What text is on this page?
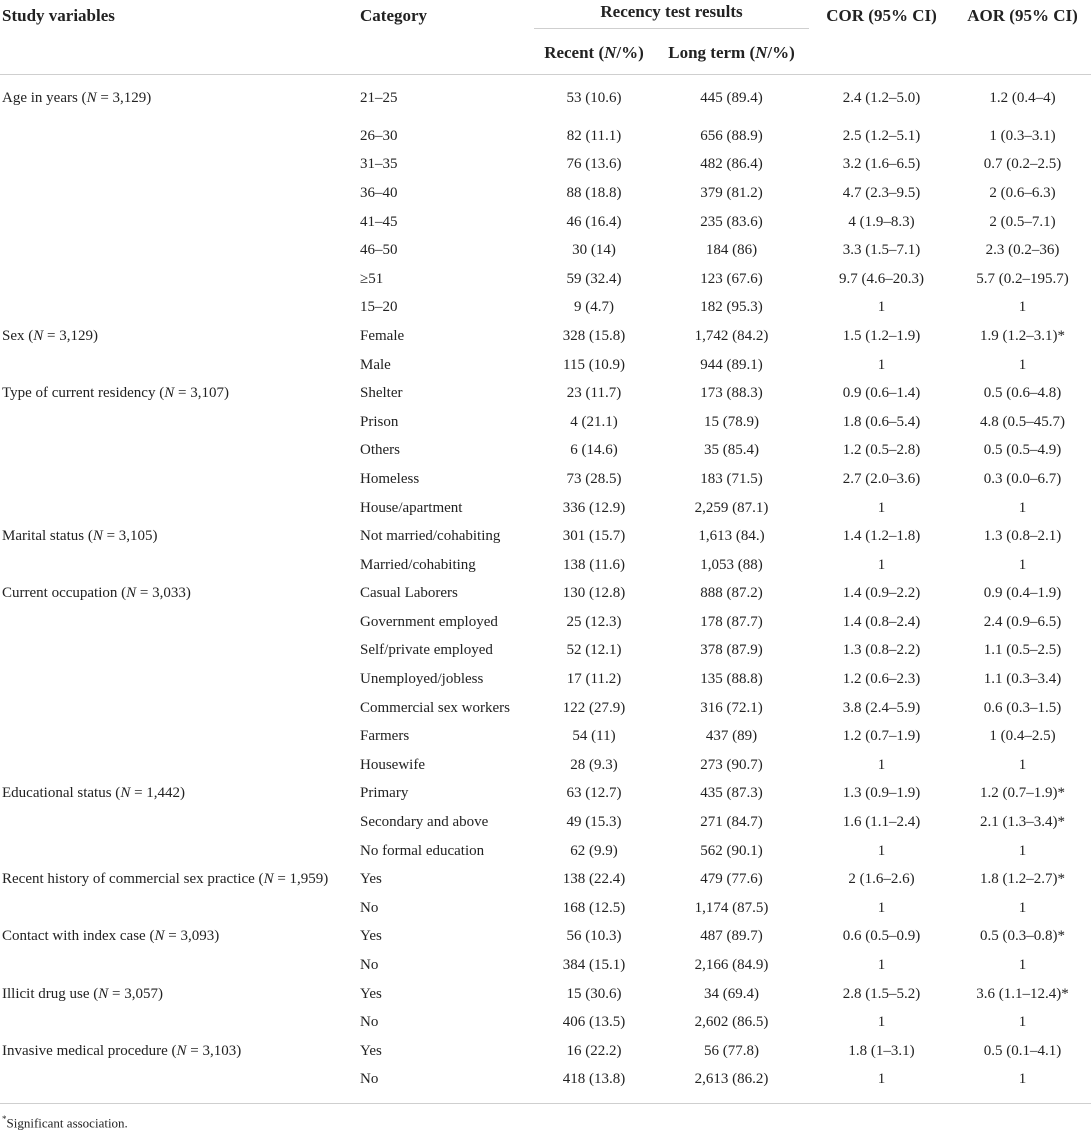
Study variables	Category	Recency test results		COR (95% CI)	AOR (95% CI)
		Recent (N/%)	Long term (N/%)		
Age in years (N = 3,129)	21–25	53 (10.6)	445 (89.4)	2.4 (1.2–5.0)	1.2 (0.4–4)
	26–30	82 (11.1)	656 (88.9)	2.5 (1.2–5.1)	1 (0.3–3.1)
	31–35	76 (13.6)	482 (86.4)	3.2 (1.6–6.5)	0.7 (0.2–2.5)
	36–40	88 (18.8)	379 (81.2)	4.7 (2.3–9.5)	2 (0.6–6.3)
	41–45	46 (16.4)	235 (83.6)	4 (1.9–8.3)	2 (0.5–7.1)
	46–50	30 (14)	184 (86)	3.3 (1.5–7.1)	2.3 (0.2–36)
	≥51	59 (32.4)	123 (67.6)	9.7 (4.6–20.3)	5.7 (0.2–195.7)
	15–20	9 (4.7)	182 (95.3)	1	1
Sex (N = 3,129)	Female	328 (15.8)	1,742 (84.2)	1.5 (1.2–1.9)	1.9 (1.2–3.1)*
	Male	115 (10.9)	944 (89.1)	1	1
Type of current residency (N = 3,107)	Shelter	23 (11.7)	173 (88.3)	0.9 (0.6–1.4)	0.5 (0.6–4.8)
	Prison	4 (21.1)	15 (78.9)	1.8 (0.6–5.4)	4.8 (0.5–45.7)
	Others	6 (14.6)	35 (85.4)	1.2 (0.5–2.8)	0.5 (0.5–4.9)
	Homeless	73 (28.5)	183 (71.5)	2.7 (2.0–3.6)	0.3 (0.0–6.7)
	House/apartment	336 (12.9)	2,259 (87.1)	1	1
Marital status (N = 3,105)	Not married/cohabiting	301 (15.7)	1,613 (84.)	1.4 (1.2–1.8)	1.3 (0.8–2.1)
	Married/cohabiting	138 (11.6)	1,053 (88)	1	1
Current occupation (N = 3,033)	Casual Laborers	130 (12.8)	888 (87.2)	1.4 (0.9–2.2)	0.9 (0.4–1.9)
	Government employed	25 (12.3)	178 (87.7)	1.4 (0.8–2.4)	2.4 (0.9–6.5)
	Self/private employed	52 (12.1)	378 (87.9)	1.3 (0.8–2.2)	1.1 (0.5–2.5)
	Unemployed/jobless	17 (11.2)	135 (88.8)	1.2 (0.6–2.3)	1.1 (0.3–3.4)
	Commercial sex workers	122 (27.9)	316 (72.1)	3.8 (2.4–5.9)	0.6 (0.3–1.5)
	Farmers	54 (11)	437 (89)	1.2 (0.7–1.9)	1 (0.4–2.5)
	Housewife	28 (9.3)	273 (90.7)	1	1
Educational status (N = 1,442)	Primary	63 (12.7)	435 (87.3)	1.3 (0.9–1.9)	1.2 (0.7–1.9)*
	Secondary and above	49 (15.3)	271 (84.7)	1.6 (1.1–2.4)	2.1 (1.3–3.4)*
	No formal education	62 (9.9)	562 (90.1)	1	1
Recent history of commercial sex practice (N = 1,959)	Yes	138 (22.4)	479 (77.6)	2 (1.6–2.6)	1.8 (1.2–2.7)*
	No	168 (12.5)	1,174 (87.5)	1	1
Contact with index case (N = 3,093)	Yes	56 (10.3)	487 (89.7)	0.6 (0.5–0.9)	0.5 (0.3–0.8)*
	No	384 (15.1)	2,166 (84.9)	1	1
Illicit drug use (N = 3,057)	Yes	15 (30.6)	34 (69.4)	2.8 (1.5–5.2)	3.6 (1.1–12.4)*
	No	406 (13.5)	2,602 (86.5)	1	1
Invasive medical procedure (N = 3,103)	Yes	16 (22.2)	56 (77.8)	1.8 (1–3.1)	0.5 (0.1–4.1)
	No	418 (13.8)	2,613 (86.2)	1	1
*Significant association.
